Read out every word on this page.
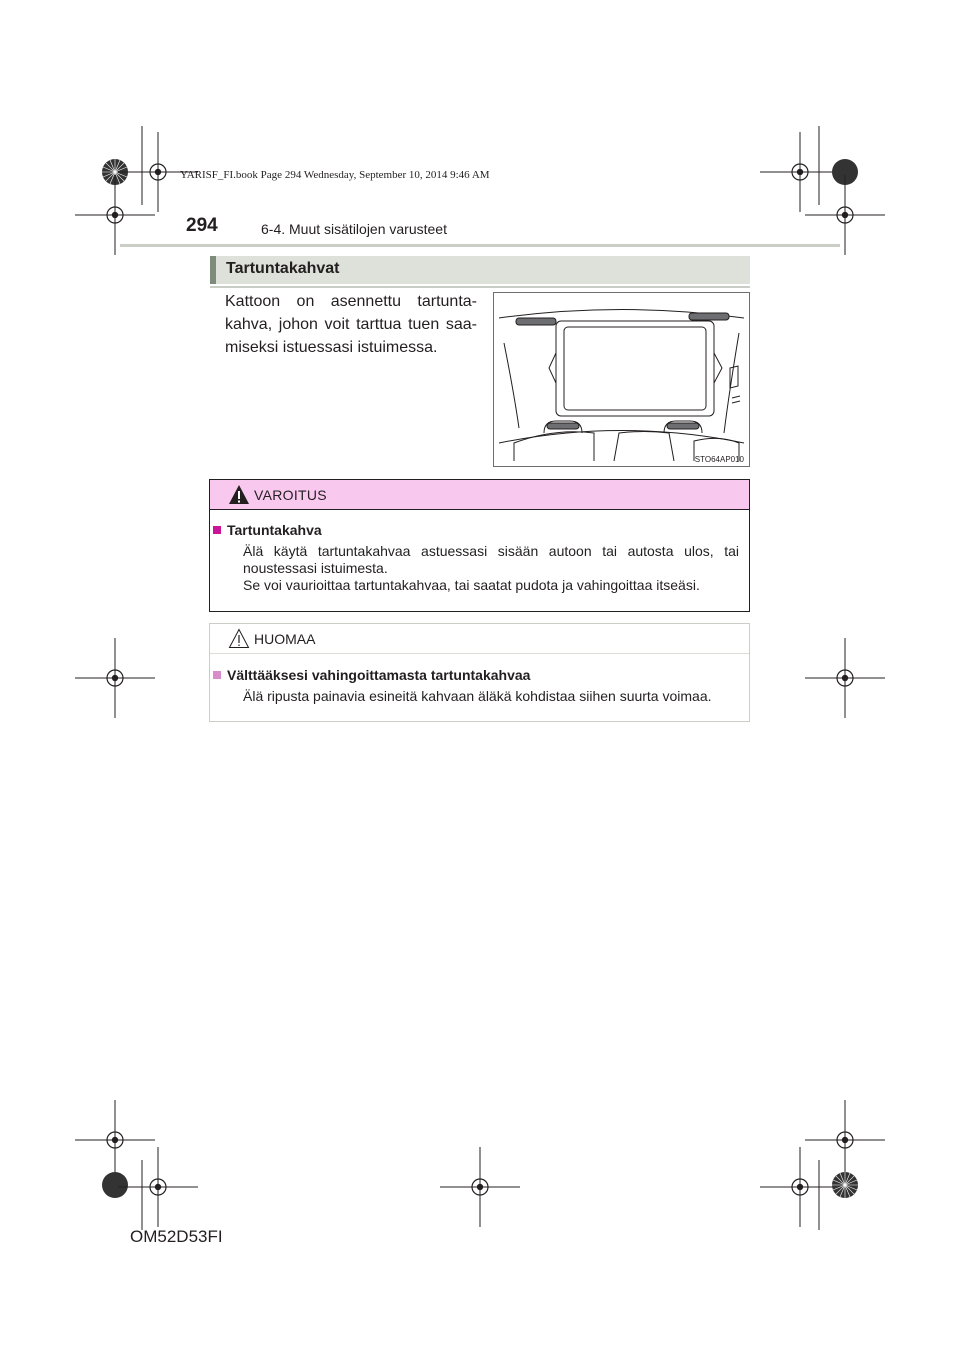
YARISF_FI.book Page 294 Wednesday, September 10, 2014 9:46 AM
294	6-4. Muut sisätilojen varusteet
Tartuntakahvat
Kattoon on asennettu tartunta-
kahva, johon voit tarttua tuen saa-
miseksi istuessasi istuimessa.
STO64AP010
VAROITUS
Tartuntakahva
Älä käytä tartuntakahvaa astuessasi sisään autoon tai autosta ulos, tai
noustessasi istuimesta.
Se voi vaurioittaa tartuntakahvaa, tai saatat pudota ja vahingoittaa itseäsi.
HUOMAA
Välttääksesi vahingoittamasta tartuntakahvaa
Älä ripusta painavia esineitä kahvaan äläkä kohdistaa siihen suurta voimaa.
OM52D53FI
